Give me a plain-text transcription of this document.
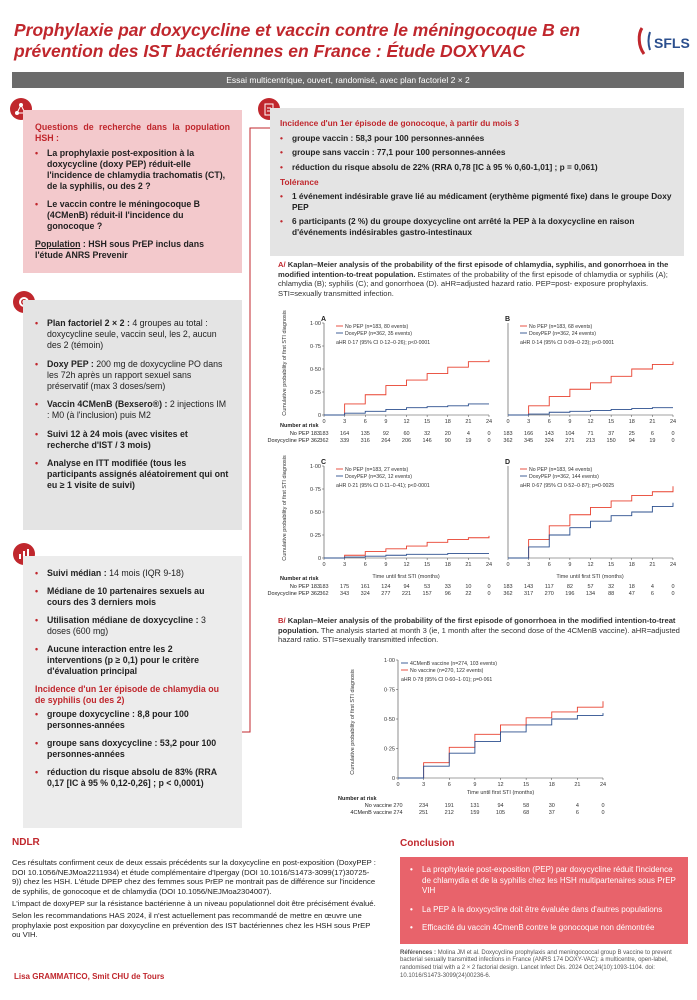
Prophylaxie par doxycycline et vaccin contre le méningocoque B en prévention des IST bactériennes en France : Étude DOXYVAC	SFLS
Essai multicentrique, ouvert, randomisé, avec plan factoriel 2 × 2
Questions de recherche dans la population HSH :
• La prophylaxie post-exposition à la doxycycline (doxy PEP) réduit-elle l'incidence de chlamydia trachomatis (CT), de la syphilis, ou des 2 ?
• Le vaccin contre le méningocoque B (4CMenB) réduit-il l'incidence du gonocoque ?
Population : HSH sous PrEP inclus dans l'étude ANRS Prevenir
• Plan factoriel 2 × 2 : 4 groupes au total : doxycycline seule, vaccin seul, les 2, aucun des 2 (témoin)
• Doxy PEP : 200 mg de doxycycline PO dans les 72h après un rapport sexuel sans préservatif (max 3 doses/sem)
• Vaccin 4CMenB (Bexsero®) : 2 injections IM : M0 (à l'inclusion) puis M2
• Suivi 12 à 24 mois (avec visites et recherche d'IST / 3 mois)
• Analyse en ITT modifiée (tous les participants assignés aléatoirement qui ont eu ≥ 1 visite de suivi)
• Suivi médian : 14 mois (IQR 9-18)
• Médiane de 10 partenaires sexuels au cours des 3 derniers mois
• Utilisation médiane de doxycycline : 3 doses (600 mg)
• Aucune interaction entre les 2 interventions (p ≥ 0,1) pour le critère d'évaluation principal
Incidence d'un 1er épisode de chlamydia ou de syphilis (ou des 2)
• groupe doxycycline : 8,8 pour 100 personnes-années
• groupe sans doxycycline : 53,2 pour 100 personnes-années
• réduction du risque absolu de 83% (RRA 0,17 [IC à 95 % 0,12-0,26] ; p < 0,0001)
Incidence d'un 1er épisode de gonocoque, à partir du mois 3
• groupe vaccin : 58,3 pour 100 personnes-années
• groupe sans vaccin : 77,1 pour 100 personnes-années
• réduction du risque absolu de 22% (RRA 0,78 [IC à 95 % 0,60-1,01] ; p = 0,061)
Tolérance
• 1 événement indésirable grave lié au médicament (erythème pigmenté fixe) dans le groupe Doxy PEP
• 6 participants (2 %) du groupe doxycycline ont arrêté la PEP à la doxycycline en raison d'événements indésirables gastro-intestinaux
A/ Kaplan–Meier analysis of the probability of the first episode of chlamydia, syphilis, and gonorrhoea in the modified intention-to-treat population. Estimates of the probability of the first episode of chlamydia or syphilis (A); chlamydia (B); syphilis (C); and gonorrhoea (D). aHR=adjusted hazard ratio. PEP=post- exposure prophylaxis. STI=sexually transmitted infection.
Cumulative probability of first STI diagnosis
Cumulative probability of first STI diagnosis
0
0·25
0·50
0·75
1·00
0	3	6	9	12	15	18	21	24
A
No PEP (n=183, 80 events)
DoxyPEP (n=362, 35 events)
aHR 0·17 (95% CI 0·12–0·26); p<0·0001
183 164 135 92	60	32	20	4	0
362 339 316 264 206 146 90	19	0
0	3	6	9	12	15	18	21	24
B
No PEP (n=183, 68 events)
DoxyPEP (n=362, 24 events)
aHR 0·14 (95% CI 0·09–0·23); p<0·0001
183 166 143 104 71	37	25	6	0
362 345 324 271 213 150 94	19	0
0
0·25
0·50
0·75
1·00
0	3	6	9	12	15	18	21	24
C
No PEP (n=183, 27 events)
DoxyPEP (n=362, 12 events)
aHR 0·21 (95% CI 0·11–0·41); p<0·0001
183 175 161 124 94	53	33	10	0
362 343 324 277 221 157 96	22	0
0	3	6	9	12	15	18	21	24
D
No PEP (n=183, 94 events)
DoxyPEP (n=362, 144 events)
aHR 0·67 (95% CI 0·52–0·87); p=0·0025
183 143 117 82	57	32	18	4	0
362 317 270 196 134 88	47	6	0
Number at risk
No PEP 183
Doxycycline PEP 362
Number at risk
No PEP 183
Doxycycline PEP 362
Time until first STI (months)	Time until first STI (months)
B/ Kaplan–Meier analysis of the probability of the first episode of gonorrhoea in the modified intention-to-treat population. The analysis started at month 3 (ie, 1 month after the second dose of the 4CMenB vaccine). aHR=adjusted hazard ratio. STI=sexually transmitted infection.
0
0·25
0·50
0·75
1·00
0	3	6	9	12	15	18	21	24
4CMenB vaccine (n=274, 103 events)
No vaccine (n=270, 122 events)
aHR 0·78 (95% CI 0·60–1·01); p=0·061
Cumulative probability of first STI diagnosis
Time until first STI (months)
Number at risk
No vaccine
4CMenB vaccine
270	234	191	131	94	58	30	4	0
274	251	212	159	105	68	37	6	0
NDLR

Ces résultats confirment ceux de deux essais précédents sur la doxycycline en post-exposition (DoxyPEP : DOI 10.1056/NEJMoa2211934) et étude complémentaire d'Ipergay (DOI 10.1016/S1473-3099(17)30725-9)) chez les HSH. L'étude DPEP chez des femmes sous PrEP ne montrait pas de différence sur l'incidence de syphilis, de gonocoque et de chlamydia (DOI 10.1056/NEJMoa2304007).

L'impact de doxyPEP sur la résistance bactérienne à un niveau populationnel doit être précisément évalué.

Selon les recommandations HAS 2024, il n'est actuellement pas recommandé de mettre en œuvre une prophylaxie post exposition par doxycycline en prévention des IST bactériennes chez les HSH sous PrEP ou VIH.

Lisa GRAMMATICO, Smit CHU de Tours
Conclusion
• La prophylaxie post-exposition (PEP) par doxycycline réduit l'incidence de chlamydia et de la syphilis chez les HSH multipartenaires sous PrEP VIH
• La PEP à la doxycycline doit être évaluée dans d'autres populations
• Efficacité du vaccin 4CmenB contre le gonocoque non démontrée
Références : Molina JM et al. Doxycycline prophylaxis and meningococcal group B vaccine to prevent bacterial sexually transmitted infections in France (ANRS 174 DOXY-VAC): a multicentre, open-label, randomised trial with a 2 × 2 factorial design. Lancet Infect Dis. 2024 Oct;24(10):1093-1104. doi: 10.1016/S1473-3099(24)00236-6.
